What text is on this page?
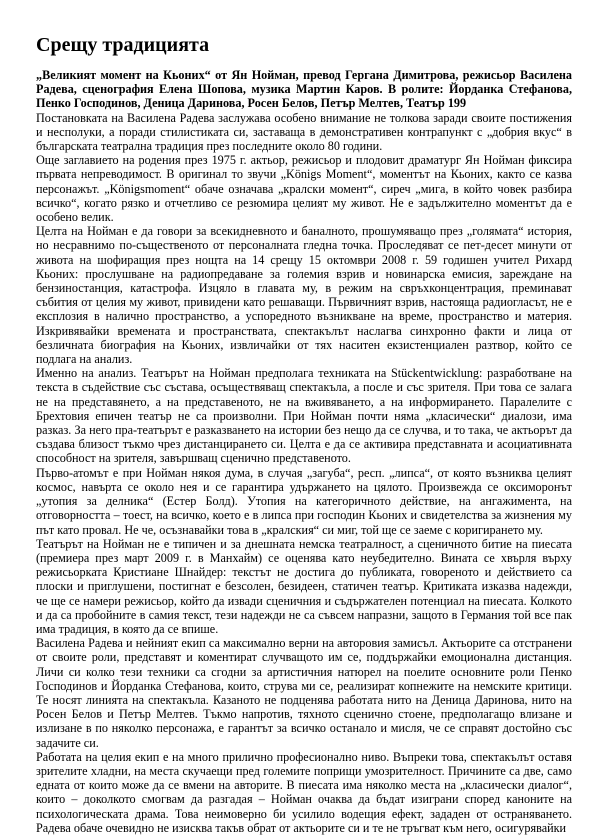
Срещу традицията

„Великият момент на Кьоних“ от Ян Нойман, превод Гергана Димитрова, режисьор Василена Радева, сценография Елена Шопова, музика Мартин Каров. В ролите: Йорданка Стефанова, Пенко Господинов, Деница Даринова, Росен Белов, Петър Мелтев, Театър 199

Постановката на Василена Радева заслужава особено внимание не толкова заради своите постижения и несполуки, а поради стилистиката си, заставаща в демонстративен контрапункт с „добрия вкус“ в българската театрална традиция през последните около 80 години.

Още заглавието на родения през 1975 г. актьор, режисьор и плодовит драматург Ян Нойман фиксира първата непреводимост. В оригинал то звучи „Königs Moment“, моментът на Кьоних, както се казва персонажът. „Königsmoment“ обаче означава „кралски момент“, сиреч „мига, в който човек разбира всичко“, когато рязко и отчетливо се резюмира целият му живот. Не е задължително моментът да е особено велик.

Целта на Нойман е да говори за всекидневното и баналното, прошумяващо през „голямата“ история, но несравнимо по-същественото от персоналната гледна точка. Проследяват се пет-десет минути от живота на шофиращия през нощта на 14 срещу 15 октомври 2008 г. 59 годишен учител Рихард Кьоних: прослушване на радиопредаване за големия взрив и новинарска емисия, зареждане на бензиностанция, катастрофа. Изцяло в главата му, в режим на свръхконцентрация, преминават събития от целия му живот, привидени като решаващи. Първичният взрив, настояща радиогласът, не е експлозия в налично пространство, а успоредното възникване на време, пространство и материя. Изкривявайки времената и пространствата, спектакълът наслагва синхронно факти и лица от безличната биография на Кьоних, извличайки от тях наситен екзистенциален разтвор, който се подлага на анализ.

Именно на анализ. Театърът на Нойман предполага техниката на Stückentwicklung: разработване на текста в съдействие със състава, осъществяващ спектакъла, а после и със зрителя. При това се залага не на представянето, а на представеното, не на вживяването, а на информирането. Паралелите с Брехтовия епичен театър не са произволни. При Нойман почти няма „класически“ диалози, има разказ. За него пра-театърът е разказването на истории без нещо да се случва, и то така, че актьорът да създава близост тъкмо чрез дистанцирането си. Целта е да се активира представната и асоциативната способност на зрителя, завършващ сценично представеното.

Първо-атомът е при Нойман някоя дума, в случая „загуба“, респ. „липса“, от която възниква целият космос, навърта се около нея и се гарантира удържането на цялото. Произвежда се оксиморонът „утопия за делника“ (Естер Болд). Утопия на категоричното действие, на ангажимента, на отговорността – тоест, на всичко, което е в липса при господин Кьоних и свидетелства за жизнения му път като провал. Не че, осъзнавайки това в „кралския“ си миг, той ще се заеме с коригирането му.

Театърът на Нойман не е типичен и за днешната немска театралност, а сценичното битие на пиесата (премиера през март 2009 г. в Манхайм) се оценява като неубедително. Вината се хвърля върху режисьорката Кристиане Шнайдер: текстът не достига до публиката, говореното и действието са плоски и приглушени, постигнат е безсолен, безидеен, статичен театър. Критиката изказва надежди, че ще се намери режисьор, който да извади сценичния и съдържателен потенциал на пиесата. Колкото и да са пробойните в самия текст, тези надежди не са съвсем напразни, защото в Германия той все пак има традиция, в която да се впише.

Василена Радева и нейният екип са максимално верни на авторовия замисъл. Актьорите са отстранени от своите роли, представят и коментират случващото им се, поддържайки емоционална дистанция. Личи си колко тези техники са сгодни за артистичния натюрел на поелите основните роли Пенко Господинов и Йорданка Стефанова, които, струва ми се, реализират копнежите на немските критици. Те носят линията на спектакъла. Казаното не подценява работата нито на Деница Даринова, нито на Росен Белов и Петър Мелтев. Тъкмо напротив, тяхното сценично стоене, предполагащо влизане и излизане в по няколко персонажа, е гарантът за всичко останало и мисля, че се справят достойно със задачите си.

Работата на целия екип е на много прилично професионално ниво. Въпреки това, спектакълът оставя зрителите хладни, на места скучаещи пред големите поприщи умозрителност. Причините са две, само едната от които може да се вмени на авторите. В пиесата има няколко места на „класически диалог“, които – доколкото смогвам да разгадая – Нойман очаква да бъдат изиграни според каноните на психологическата драма. Това неимоверно би усилило водещия ефект, зададен от остраняването. Радева обаче очевидно не изисква такъв обрат от актьорите си и те не тръгват към него, осигурявайки
